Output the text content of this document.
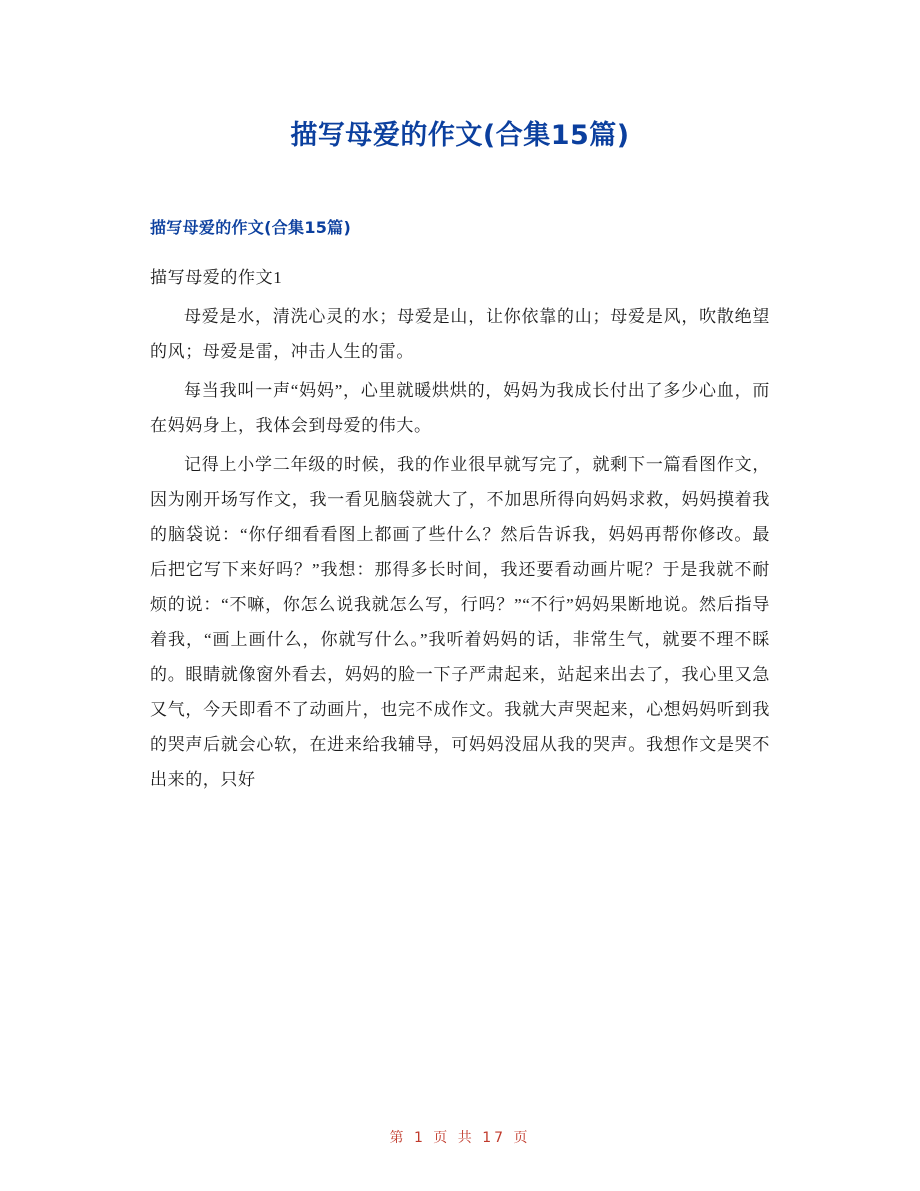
描写母爱的作文(合集15篇)
描写母爱的作文(合集15篇)

描写母爱的作文1

母爱是水，清洗心灵的水；母爱是山，让你依靠的山；母爱是风，吹散绝望的风；母爱是雷，冲击人生的雷。

每当我叫一声“妈妈”，心里就暖烘烘的，妈妈为我成长付出了多少心血，而在妈妈身上，我体会到母爱的伟大。

记得上小学二年级的时候，我的作业很早就写完了，就剩下一篇看图作文，因为刚开场写作文，我一看见脑袋就大了，不加思所得向妈妈求救，妈妈摸着我的脑袋说：“你仔细看看图上都画了些什么？然后告诉我，妈妈再帮你修改。最后把它写下来好吗？”我想：那得多长时间，我还要看动画片呢？于是我就不耐烦的说：“不嘛，你怎么说我就怎么写，行吗？”“不行”妈妈果断地说。然后指导着我，“画上画什么，你就写什么。”我听着妈妈的话，非常生气，就要不理不睬的。眼睛就像窗外看去，妈妈的脸一下子严肃起来，站起来出去了，我心里又急又气，今天即看不了动画片，也完不成作文。我就大声哭起来，心想妈妈听到我的哭声后就会心软，在进来给我辅导，可妈妈没屈从我的哭声。我想作文是哭不出来的，只好

第 1 页 共 17 页
